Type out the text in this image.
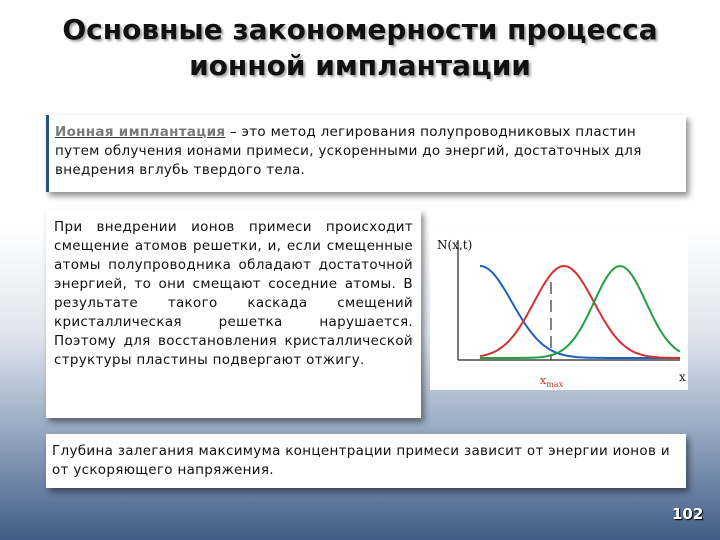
Основные закономерности процесса
ионной имплантации
Ионная имплантация – это метод легирования полупроводниковых пластин путем облучения ионами примеси, ускоренными до энергий, достаточных для внедрения вглубь твердого тела.
При внедрении ионов примеси происходит смещение атомов решетки, и, если смещенные атомы полупроводника обладают достаточной энергией, то они смещают соседние атомы. В результате такого каскада смещений кристаллическая решетка нарушается. Поэтому для восстановления кристаллической структуры пластины подвергают отжигу.
N(x,t)
$x_{max}$
x
Глубина залегания максимума концентрации примеси зависит от энергии ионов и от ускоряющего напряжения.
102
